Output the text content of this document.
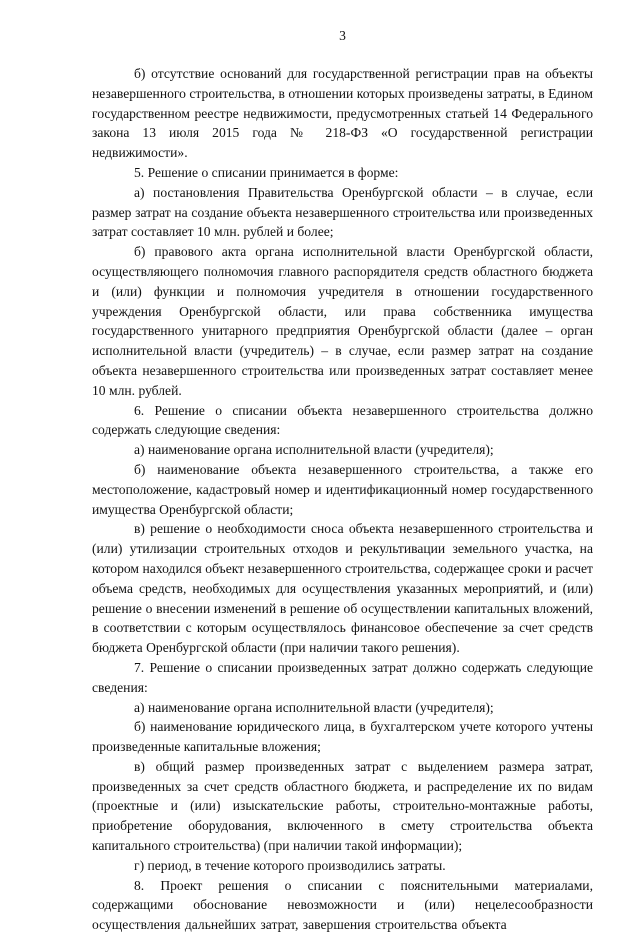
3

б) отсутствие оснований для государственной регистрации прав на объекты незавершенного строительства, в отношении которых произведены затраты, в Едином государственном реестре недвижимости, предусмотренных статьей 14 Федерального закона 13 июля 2015 года № 218-ФЗ «О государственной регистрации недвижимости».

5. Решение о списании принимается в форме:

а) постановления Правительства Оренбургской области – в случае, если размер затрат на создание объекта незавершенного строительства или произведенных затрат составляет 10 млн. рублей и более;

б) правового акта органа исполнительной власти Оренбургской области, осуществляющего полномочия главного распорядителя средств областного бюджета и (или) функции и полномочия учредителя в отношении государственного учреждения Оренбургской области, или права собственника имущества государственного унитарного предприятия Оренбургской области (далее – орган исполнительной власти (учредитель) – в случае, если размер затрат на создание объекта незавершенного строительства или произведенных затрат составляет менее 10 млн. рублей.

6. Решение о списании объекта незавершенного строительства должно содержать следующие сведения:

а) наименование органа исполнительной власти (учредителя);

б) наименование объекта незавершенного строительства, а также его местоположение, кадастровый номер и идентификационный номер государственного имущества Оренбургской области;

в) решение о необходимости сноса объекта незавершенного строительства и (или) утилизации строительных отходов и рекультивации земельного участка, на котором находился объект незавершенного строительства, содержащее сроки и расчет объема средств, необходимых для осуществления указанных мероприятий, и (или) решение о внесении изменений в решение об осуществлении капитальных вложений, в соответствии с которым осуществлялось финансовое обеспечение за счет средств бюджета Оренбургской области (при наличии такого решения).

7. Решение о списании произведенных затрат должно содержать следующие сведения:

а) наименование органа исполнительной власти (учредителя);

б) наименование юридического лица, в бухгалтерском учете которого учтены произведенные капитальные вложения;

в) общий размер произведенных затрат с выделением размера затрат, произведенных за счет средств областного бюджета, и распределение их по видам (проектные и (или) изыскательские работы, строительно-монтажные работы, приобретение оборудования, включенного в смету строительства объекта капитального строительства) (при наличии такой информации);

г) период, в течение которого производились затраты.

8. Проект решения о списании с пояснительными материалами, содержащими обоснование невозможности и (или) нецелесообразности осуществления дальнейших затрат, завершения строительства объекта
